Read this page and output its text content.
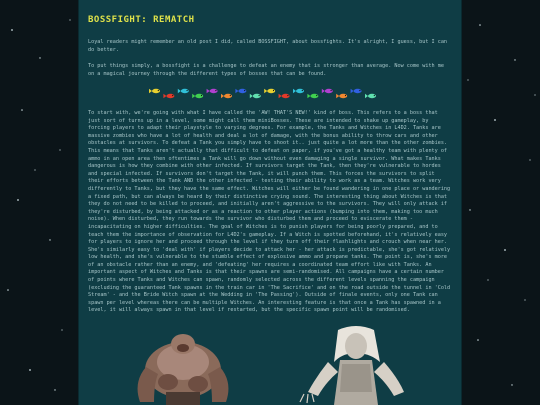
BOSSFIGHT: REMATCH

Loyal readers might remember an old post I did, called BOSSFIGHT, about bossfights. It's alright, I guess, but I can do better.

To put things simply, a bossfight is a challenge to defeat an enemy that is stronger than average. Now come with me on a magical journey through the different types of bosses that can be found.

To start with, we're going with what I have called the 'AW! THAT'S NEW!' kind of boss. This refers to a boss that just sort of turns up in a level, some might call them miniBosses. These are intended to shake up gameplay, by forcing players to adapt their playstyle to varying degrees. For example, the Tanks and Witches in L4D2. Tanks are massive zombies who have a lot of health and deal a lot of damage, with the bonus ability to throw cars and other obstacles at survivors. To defeat a Tank you simply have to shoot it.. just quite a lot more than the other zombies. This means that Tanks aren't actually that difficult to defeat on paper, if you've got a healthy team with plenty of ammo in an open area then oftentimes a Tank will go down without even damaging a single survivor. What makes Tanks dangerous is how they combine with other infected. If survivors target the Tank, then they're vulnerable to hordes and special infected. If survivors don't target the Tank, it will punch them. This forces the survivors to split their efforts between the Tank AND the other infected - testing their ability to work as a team. Witches work very differently to Tanks, but they have the same effect. Witches will either be found wandering in one place or wandering a fixed path, but can always be heard by their distinctive crying sound. The interesting thing about Witches is that they do not need to be killed to proceed, and initially aren't aggressive to the survivors. They will only attack if they're disturbed, by being attacked or as a reaction to other player actions (bumping into them, making too much noise). When disturbed, they run towards the survivor who disturbed them and proceed to eviscerate them - incapacitating on higher difficulties. The goal of Witches is to punish players for being poorly prepared, and to teach them the importance of observation for L4D2's gameplay. If a Witch is spotted beforehand, it's relatively easy for players to ignore her and proceed through the level if they turn off their flashlights and crouch when near her. She's similarly easy to 'deal with' if players decide to attack her - her attack is predictable, she's got relatively low health, and she's vulnerable to the stumble effect of explosive ammo and propane tanks. The point is, she's more of an obstacle rather than an enemy, and 'defeating' her requires a coordinated team effort like with Tanks. An important aspect of Witches and Tanks is that their spawns are semi-randomised. All campaigns have a certain number of points where Tanks and Witches can spawn, randomly selected across the different levels spanning the campaign (excluding the guaranteed Tank spawns in the train car in 'The Sacrifice' and on the road outside the tunnel in 'Cold Stream' - and the Bride Witch spawn at the Wedding in 'The Passing'). Outside of finale events, only one Tank can spawn per level whereas there can be multiple Witches. An interesting feature is that once a Tank has spawned in a level, it will always spawn in that level if restarted, but the specific spawn point will be randomised.
